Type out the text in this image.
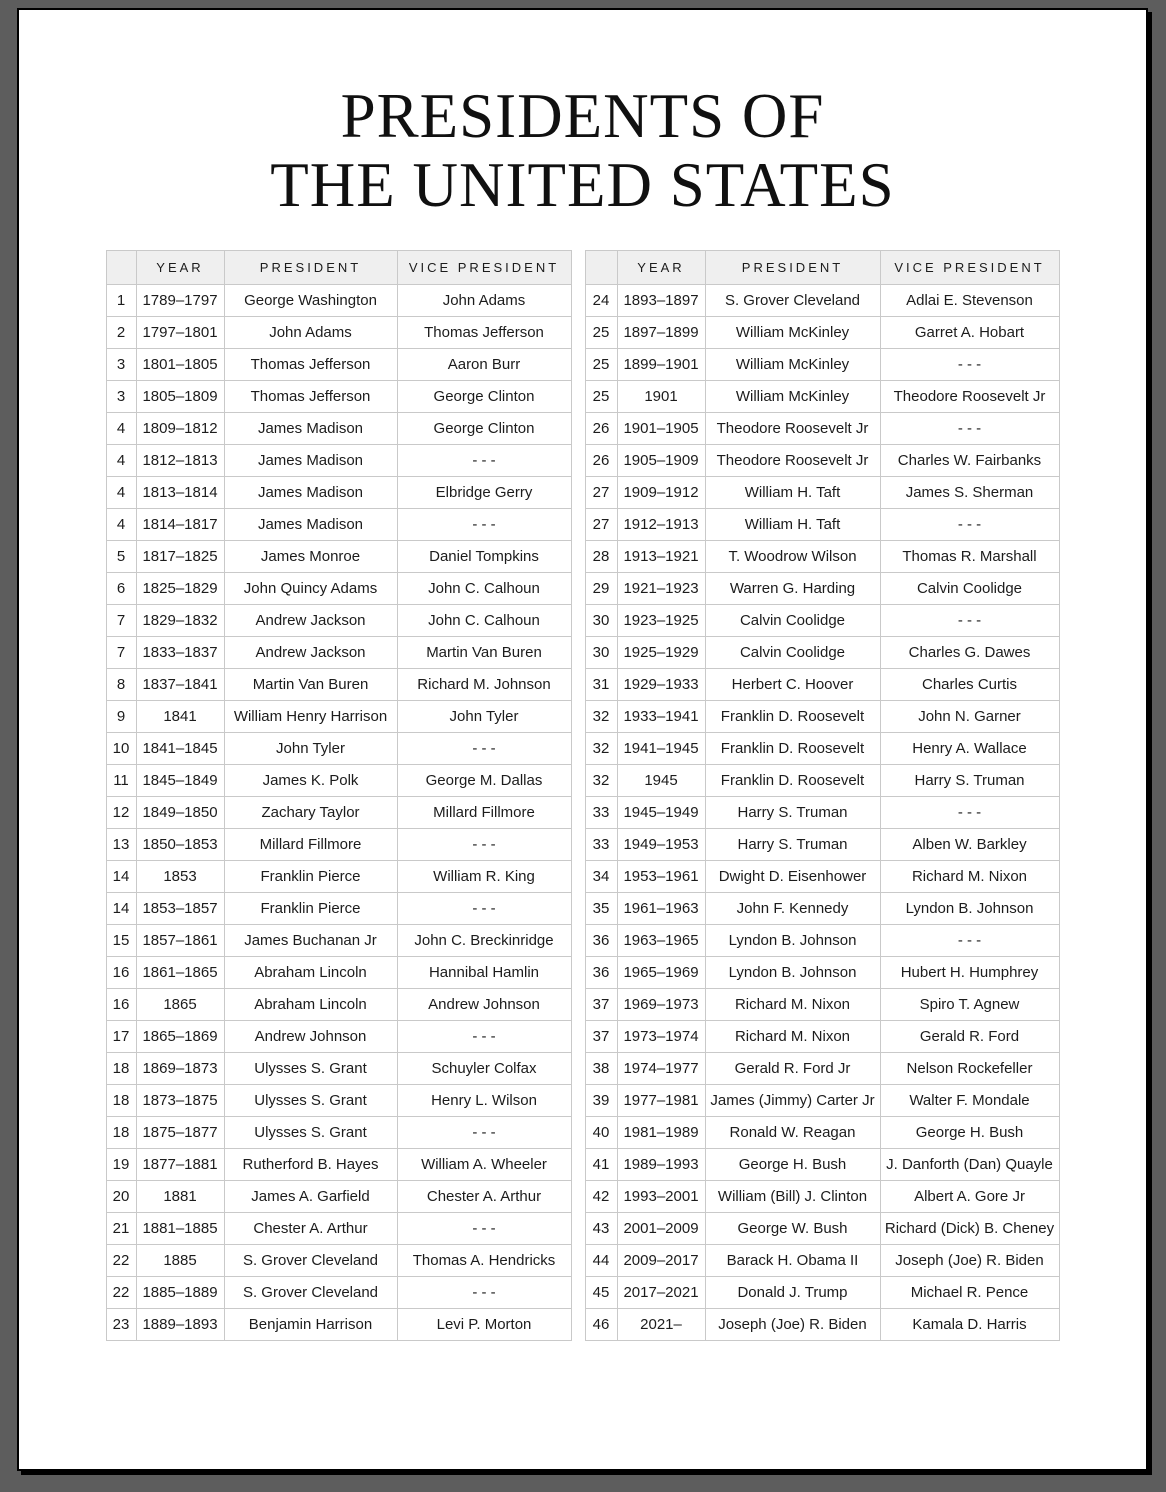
PRESIDENTS OF
THE UNITED STATES
	YEAR	PRESIDENT	VICE PRESIDENT
1	1789–1797	George Washington	John Adams
2	1797–1801	John Adams	Thomas Jefferson
3	1801–1805	Thomas Jefferson	Aaron Burr
3	1805–1809	Thomas Jefferson	George Clinton
4	1809–1812	James Madison	George Clinton
4	1812–1813	James Madison	- - -
4	1813–1814	James Madison	Elbridge Gerry
4	1814–1817	James Madison	- - -
5	1817–1825	James Monroe	Daniel Tompkins
6	1825–1829	John Quincy Adams	John C. Calhoun
7	1829–1832	Andrew Jackson	John C. Calhoun
7	1833–1837	Andrew Jackson	Martin Van Buren
8	1837–1841	Martin Van Buren	Richard M. Johnson
9	1841	William Henry Harrison	John Tyler
10	1841–1845	John Tyler	- - -
11	1845–1849	James K. Polk	George M. Dallas
12	1849–1850	Zachary Taylor	Millard Fillmore
13	1850–1853	Millard Fillmore	- - -
14	1853	Franklin Pierce	William R. King
14	1853–1857	Franklin Pierce	- - -
15	1857–1861	James Buchanan Jr	John C. Breckinridge
16	1861–1865	Abraham Lincoln	Hannibal Hamlin
16	1865	Abraham Lincoln	Andrew Johnson
17	1865–1869	Andrew Johnson	- - -
18	1869–1873	Ulysses S. Grant	Schuyler Colfax
18	1873–1875	Ulysses S. Grant	Henry L. Wilson
18	1875–1877	Ulysses S. Grant	- - -
19	1877–1881	Rutherford B. Hayes	William A. Wheeler
20	1881	James A. Garfield	Chester A. Arthur
21	1881–1885	Chester A. Arthur	- - -
22	1885	S. Grover Cleveland	Thomas A. Hendricks
22	1885–1889	S. Grover Cleveland	- - -
23	1889–1893	Benjamin Harrison	Levi P. Morton
	YEAR	PRESIDENT	VICE PRESIDENT
24	1893–1897	S. Grover Cleveland	Adlai E. Stevenson
25	1897–1899	William McKinley	Garret A. Hobart
25	1899–1901	William McKinley	- - -
25	1901	William McKinley	Theodore Roosevelt Jr
26	1901–1905	Theodore Roosevelt Jr	- - -
26	1905–1909	Theodore Roosevelt Jr	Charles W. Fairbanks
27	1909–1912	William H. Taft	James S. Sherman
27	1912–1913	William H. Taft	- - -
28	1913–1921	T. Woodrow Wilson	Thomas R. Marshall
29	1921–1923	Warren G. Harding	Calvin Coolidge
30	1923–1925	Calvin Coolidge	- - -
30	1925–1929	Calvin Coolidge	Charles G. Dawes
31	1929–1933	Herbert C. Hoover	Charles Curtis
32	1933–1941	Franklin D. Roosevelt	John N. Garner
32	1941–1945	Franklin D. Roosevelt	Henry A. Wallace
32	1945	Franklin D. Roosevelt	Harry S. Truman
33	1945–1949	Harry S. Truman	- - -
33	1949–1953	Harry S. Truman	Alben W. Barkley
34	1953–1961	Dwight D. Eisenhower	Richard M. Nixon
35	1961–1963	John F. Kennedy	Lyndon B. Johnson
36	1963–1965	Lyndon B. Johnson	- - -
36	1965–1969	Lyndon B. Johnson	Hubert H. Humphrey
37	1969–1973	Richard M. Nixon	Spiro T. Agnew
37	1973–1974	Richard M. Nixon	Gerald R. Ford
38	1974–1977	Gerald R. Ford Jr	Nelson Rockefeller
39	1977–1981	James (Jimmy) Carter Jr	Walter F. Mondale
40	1981–1989	Ronald W. Reagan	George H. Bush
41	1989–1993	George H. Bush	J. Danforth (Dan) Quayle
42	1993–2001	William (Bill) J. Clinton	Albert A. Gore Jr
43	2001–2009	George W. Bush	Richard (Dick) B. Cheney
44	2009–2017	Barack H. Obama II	Joseph (Joe) R. Biden
45	2017–2021	Donald J. Trump	Michael R. Pence
46	2021–	Joseph (Joe) R. Biden	Kamala D. Harris
